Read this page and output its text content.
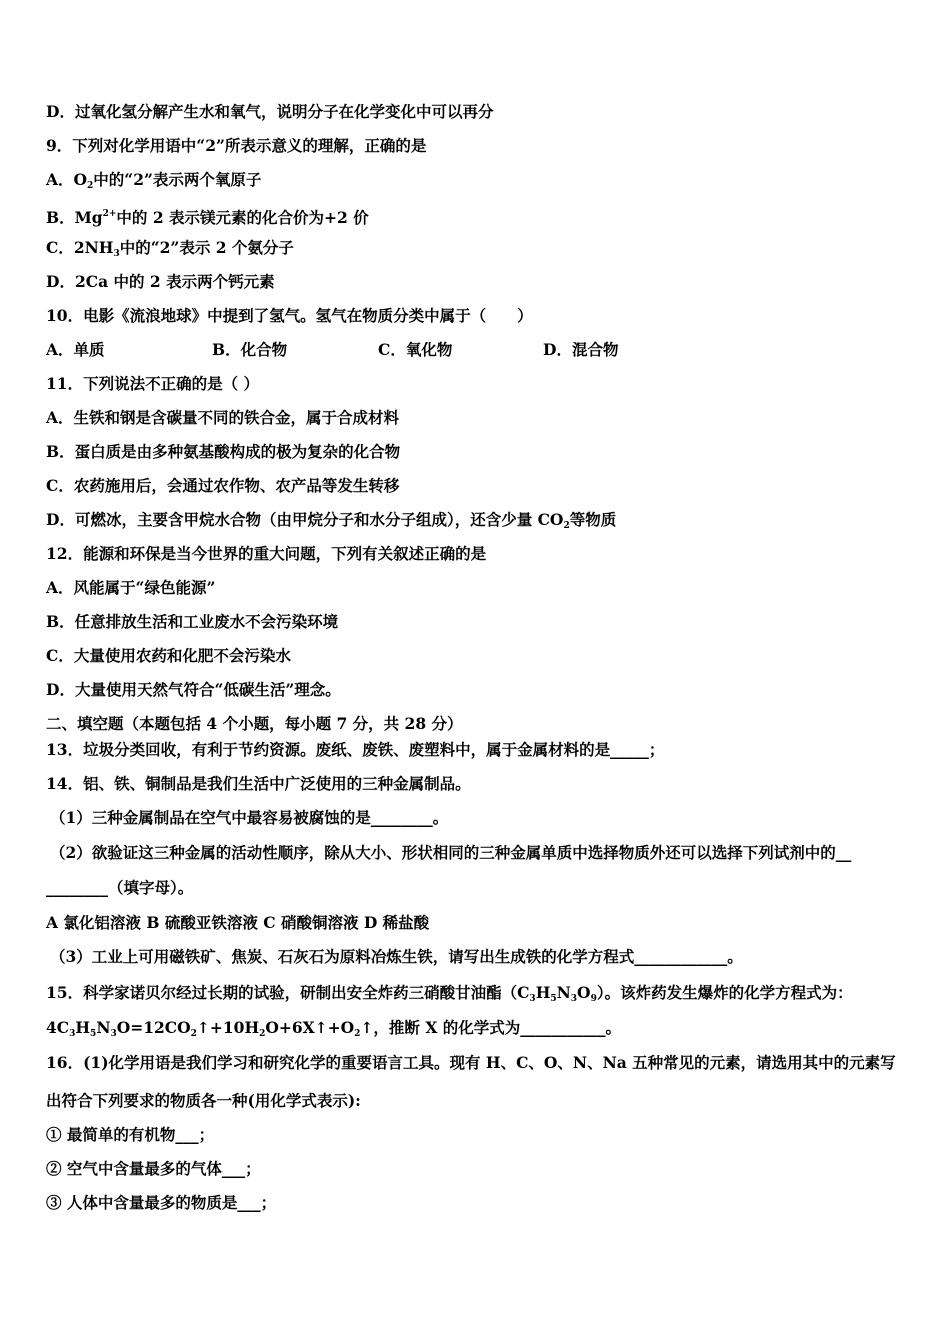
D．过氧化氢分解产生水和氧气，说明分子在化学变化中可以再分
9．下列对化学用语中“2”所表示意义的理解，正确的是
A．$O_2$中的“2”表示两个氧原子
B．$Mg^{2+}$中的 2 表示镁元素的化合价为+2 价
C．$2NH_3$中的“2”表示 2 个氨分子
D．2Ca 中的 2 表示两个钙元素
10．电影《流浪地球》中提到了氢气。氢气在物质分类中属于（　　）
A．单质	B．化合物	C．氧化物	D．混合物
11．下列说法不正确的是（ ）
A．生铁和钢是含碳量不同的铁合金，属于合成材料
B．蛋白质是由多种氨基酸构成的极为复杂的化合物
C．农药施用后，会通过农作物、农产品等发生转移
D．可燃冰，主要含甲烷水合物（由甲烷分子和水分子组成），还含少量 $CO_2$等物质
12．能源和环保是当今世界的重大问题，下列有关叙述正确的是
A．风能属于“绿色能源”
B．任意排放生活和工业废水不会污染环境
C．大量使用农药和化肥不会污染水
D．大量使用天然气符合“低碳生活”理念。
二、填空题（本题包括 4 个小题，每小题 7 分，共 28 分）
13．垃圾分类回收，有利于节约资源。废纸、废铁、废塑料中，属于金属材料的是_____；
14．铝、铁、铜制品是我们生活中广泛使用的三种金属制品。
（1）三种金属制品在空气中最容易被腐蚀的是________。
（2）欲验证这三种金属的活动性顺序，除从大小、形状相同的三种金属单质中选择物质外还可以选择下列试剂中的__
________（填字母）。
A 氯化铝溶液 B 硫酸亚铁溶液 C 硝酸铜溶液 D 稀盐酸
（3）工业上可用磁铁矿、焦炭、石灰石为原料冶炼生铁，请写出生成铁的化学方程式____________。
15．科学家诺贝尔经过长期的试验，研制出安全炸药三硝酸甘油酯$(C_3H_5N_3O_9)$。该炸药发生爆炸的化学方程式为：
$4C_3H_5N_3O=12CO_2↑+10H_2O+6X↑+O_2↑$，推断 X 的化学式为___________。
16．(1)化学用语是我们学习和研究化学的重要语言工具。现有 H、C、O、N、Na 五种常见的元素，请选用其中的元素写
出符合下列要求的物质各一种(用化学式表示):
① 最简单的有机物___；
② 空气中含量最多的气体___；
③ 人体中含量最多的物质是___；
